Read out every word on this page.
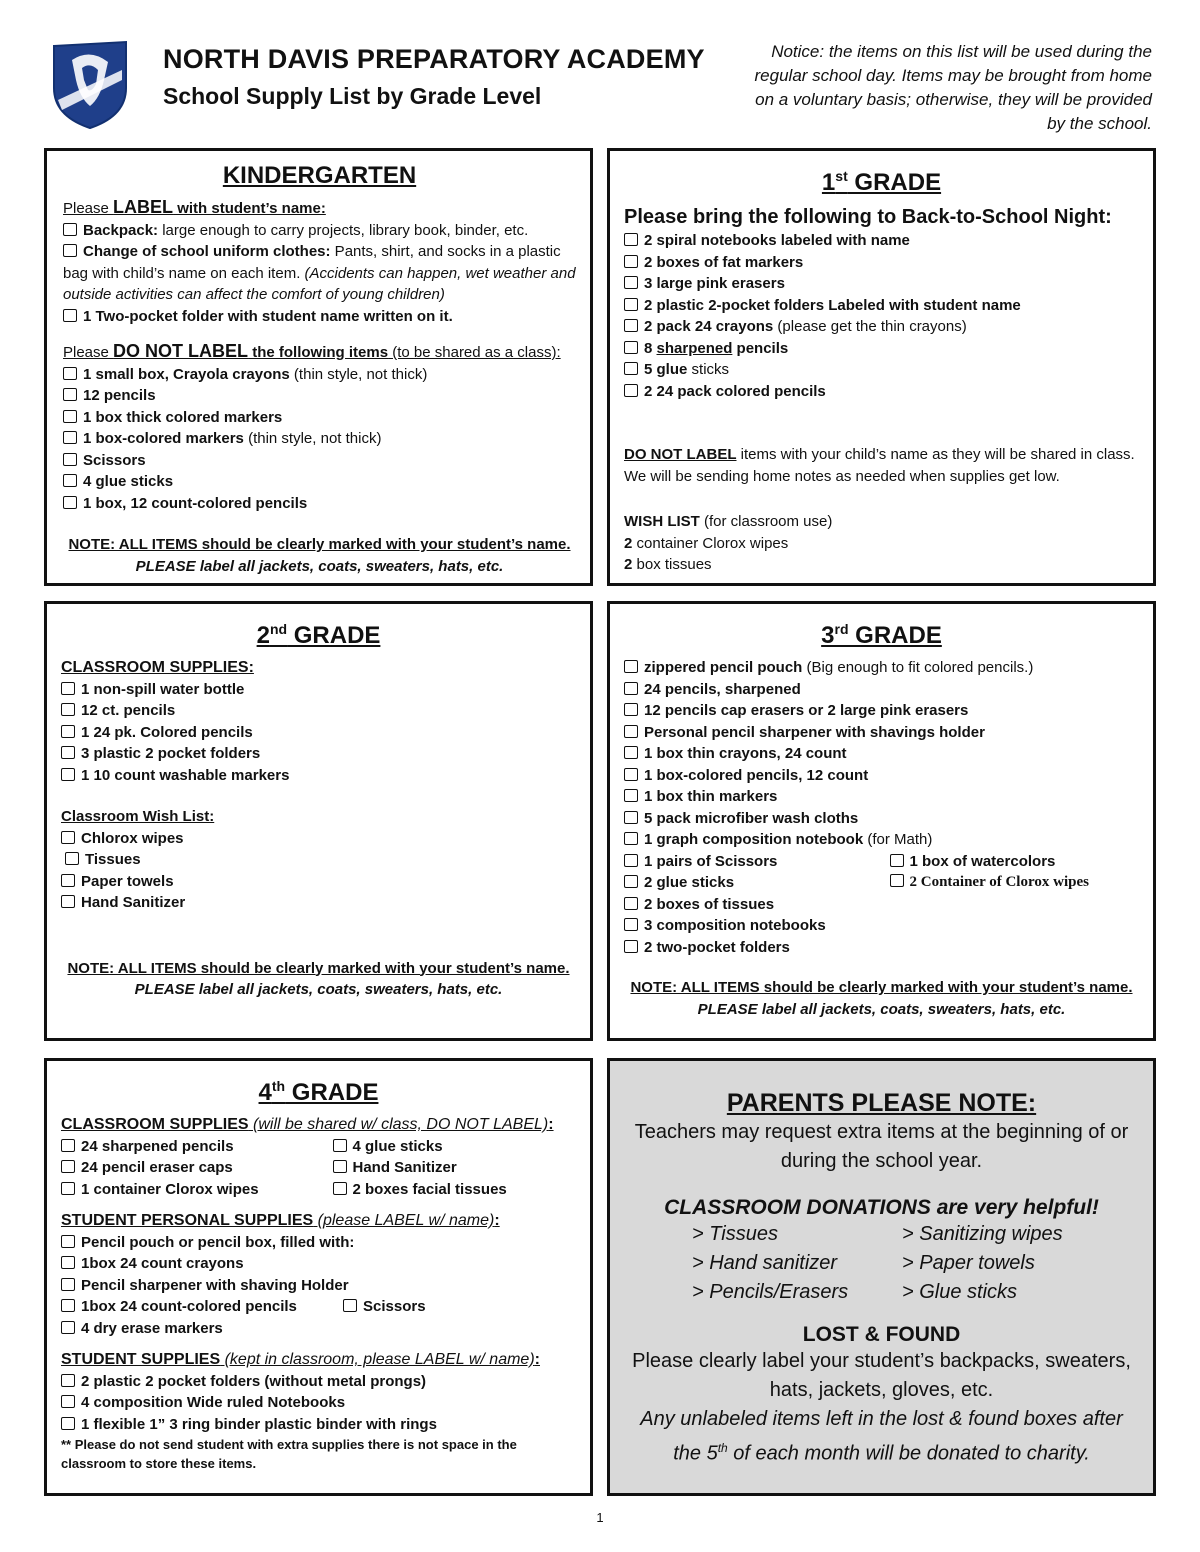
NORTH DAVIS PREPARATORY ACADEMY
School Supply List by Grade Level
Notice: the items on this list will be used during the regular school day. Items may be brought from home on a voluntary basis; otherwise, they will be provided by the school.
KINDERGARTEN
Please LABEL with student’s name:
Backpack: large enough to carry projects, library book, binder, etc.
Change of school uniform clothes: Pants, shirt, and socks in a plastic bag with child’s name on each item. (Accidents can happen, wet weather and outside activities can affect the comfort of young children)
1 Two-pocket folder with student name written on it.
Please DO NOT LABEL the following items (to be shared as a class):
1 small box, Crayola crayons (thin style, not thick)
12 pencils
1 box thick colored markers
1 box-colored markers (thin style, not thick)
Scissors
4 glue sticks
1 box, 12 count-colored pencils
NOTE: ALL ITEMS should be clearly marked with your student’s name.
PLEASE label all jackets, coats, sweaters, hats, etc.
1st GRADE
Please bring the following to Back-to-School Night:
2 spiral notebooks labeled with name
2 boxes of fat markers
3 large pink erasers
2 plastic 2-pocket folders Labeled with student name
2 pack 24 crayons (please get the thin crayons)
8 sharpened pencils
5 glue sticks
2 24 pack colored pencils
DO NOT LABEL items with your child’s name as they will be shared in class. We will be sending home notes as needed when supplies get low.
WISH LIST (for classroom use)
2 container Clorox wipes
2 box tissues
2nd GRADE
CLASSROOM SUPPLIES:
1 non-spill water bottle
12 ct. pencils
1 24 pk. Colored pencils
3 plastic 2 pocket folders
1 10 count washable markers
Classroom Wish List:
Chlorox wipes
Tissues
Paper towels
Hand Sanitizer
NOTE: ALL ITEMS should be clearly marked with your student’s name.
PLEASE label all jackets, coats, sweaters, hats, etc.
3rd GRADE
zippered pencil pouch (Big enough to fit colored pencils.)
24 pencils, sharpened
12 pencils cap erasers or 2 large pink erasers
Personal pencil sharpener with shavings holder
1 box thin crayons, 24 count
1 box-colored pencils, 12 count
1 box thin markers
5 pack microfiber wash cloths
1 graph composition notebook (for Math)
1 pairs of Scissors	1 box of watercolors
2 glue sticks	2 Container of Clorox wipes
2 boxes of tissues
3 composition notebooks
2 two-pocket folders
NOTE: ALL ITEMS should be clearly marked with your student’s name.
PLEASE label all jackets, coats, sweaters, hats, etc.
4th GRADE
CLASSROOM SUPPLIES (will be shared w/ class, DO NOT LABEL):
24 sharpened pencils	4 glue sticks
24 pencil eraser caps	Hand Sanitizer
1 container Clorox wipes	2 boxes facial tissues
STUDENT PERSONAL SUPPLIES (please LABEL w/ name):
Pencil pouch or pencil box, filled with:
1box 24 count crayons
Pencil sharpener with shaving Holder
1box 24 count-colored pencils	Scissors
4 dry erase markers
STUDENT SUPPLIES (kept in classroom, please LABEL w/ name):
2 plastic 2 pocket folders (without metal prongs)
4 composition Wide ruled Notebooks
1 flexible 1” 3 ring binder plastic binder with rings
** Please do not send student with extra supplies there is not space in the classroom to store these items.
PARENTS PLEASE NOTE:
Teachers may request extra items at the beginning of or during the school year.
CLASSROOM DONATIONS are very helpful!
> Tissues	> Sanitizing wipes
> Hand sanitizer	> Paper towels
> Pencils/Erasers	> Glue sticks
LOST & FOUND
Please clearly label your student’s backpacks, sweaters, hats, jackets, gloves, etc.
Any unlabeled items left in the lost & found boxes after the 5th of each month will be donated to charity.
1
